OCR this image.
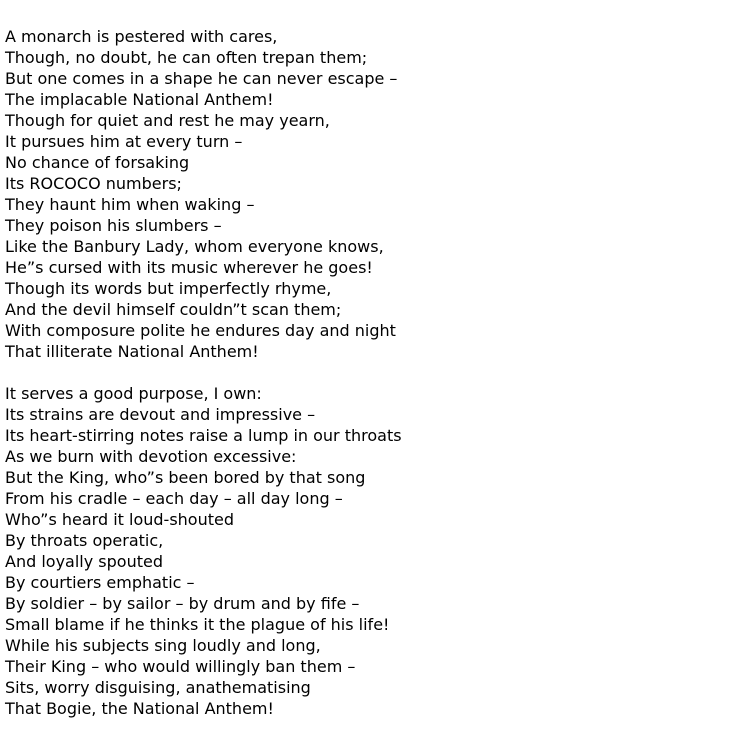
A monarch is pestered with cares,
Though, no doubt, he can often trepan them;
But one comes in a shape he can never escape –
The implacable National Anthem!
Though for quiet and rest he may yearn,
It pursues him at every turn –
No chance of forsaking
Its ROCOCO numbers;
They haunt him when waking –
They poison his slumbers –
Like the Banbury Lady, whom everyone knows,
He”s cursed with its music wherever he goes!
Though its words but imperfectly rhyme,
And the devil himself couldn”t scan them;
With composure polite he endures day and night
That illiterate National Anthem!
It serves a good purpose, I own:
Its strains are devout and impressive –
Its heart-stirring notes raise a lump in our throats
As we burn with devotion excessive:
But the King, who”s been bored by that song
From his cradle – each day – all day long –
Who”s heard it loud-shouted
By throats operatic,
And loyally spouted
By courtiers emphatic –
By soldier – by sailor – by drum and by fife –
Small blame if he thinks it the plague of his life!
While his subjects sing loudly and long,
Their King – who would willingly ban them –
Sits, worry disguising, anathematising
That Bogie, the National Anthem!
